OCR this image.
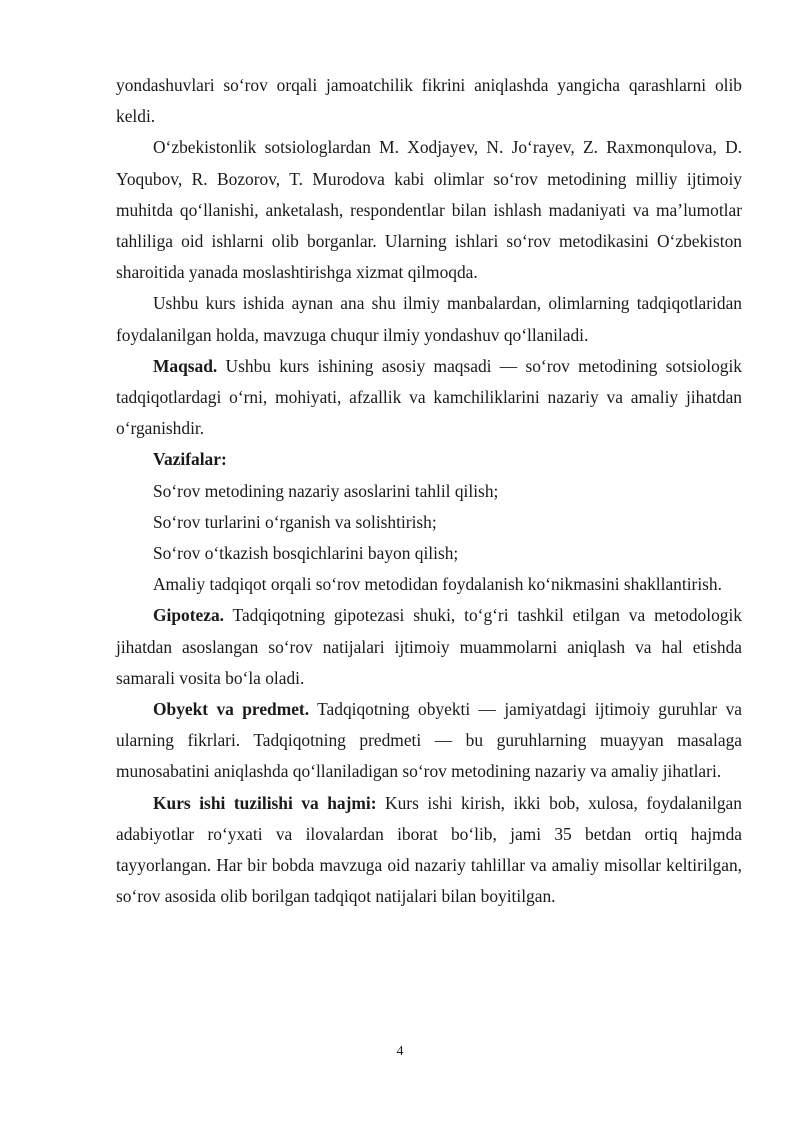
yondashuvlari so‘rov orqali jamoatchilik fikrini aniqlashda yangicha qarashlarni olib keldi.

O‘zbekistonlik sotsiologlardan M. Xodjayev, N. Jo‘rayev, Z. Raxmonqulova, D. Yoqubov, R. Bozorov, T. Murodova kabi olimlar so‘rov metodining milliy ijtimoiy muhitda qo‘llanishi, anketalash, respondentlar bilan ishlash madaniyati va ma’lumotlar tahliliga oid ishlarni olib borganlar. Ularning ishlari so‘rov metodikasini O‘zbekiston sharoitida yanada moslashtirishga xizmat qilmoqda.

Ushbu kurs ishida aynan ana shu ilmiy manbalardan, olimlarning tadqiqotlaridan foydalanilgan holda, mavzuga chuqur ilmiy yondashuv qo‘llaniladi.

Maqsad. Ushbu kurs ishining asosiy maqsadi — so‘rov metodining sotsiologik tadqiqotlardagi o‘rni, mohiyati, afzallik va kamchiliklarini nazariy va amaliy jihatdan o‘rganishdir.

Vazifalar:

So‘rov metodining nazariy asoslarini tahlil qilish;

So‘rov turlarini o‘rganish va solishtirish;

So‘rov o‘tkazish bosqichlarini bayon qilish;

Amaliy tadqiqot orqali so‘rov metodidan foydalanish ko‘nikmasini shakllantirish.

Gipoteza. Tadqiqotning gipotezasi shuki, to‘g‘ri tashkil etilgan va metodologik jihatdan asoslangan so‘rov natijalari ijtimoiy muammolarni aniqlash va hal etishda samarali vosita bo‘la oladi.

Obyekt va predmet. Tadqiqotning obyekti — jamiyatdagi ijtimoiy guruhlar va ularning fikrlari. Tadqiqotning predmeti — bu guruhlarning muayyan masalaga munosabatini aniqlashda qo‘llaniladigan so‘rov metodining nazariy va amaliy jihatlari.

Kurs ishi tuzilishi va hajmi: Kurs ishi kirish, ikki bob, xulosa, foydalanilgan adabiyotlar ro‘yxati va ilovalardan iborat bo‘lib, jami 35 betdan ortiq hajmda tayyorlangan. Har bir bobda mavzuga oid nazariy tahlillar va amaliy misollar keltirilgan, so‘rov asosida olib borilgan tadqiqot natijalari bilan boyitilgan.

4
